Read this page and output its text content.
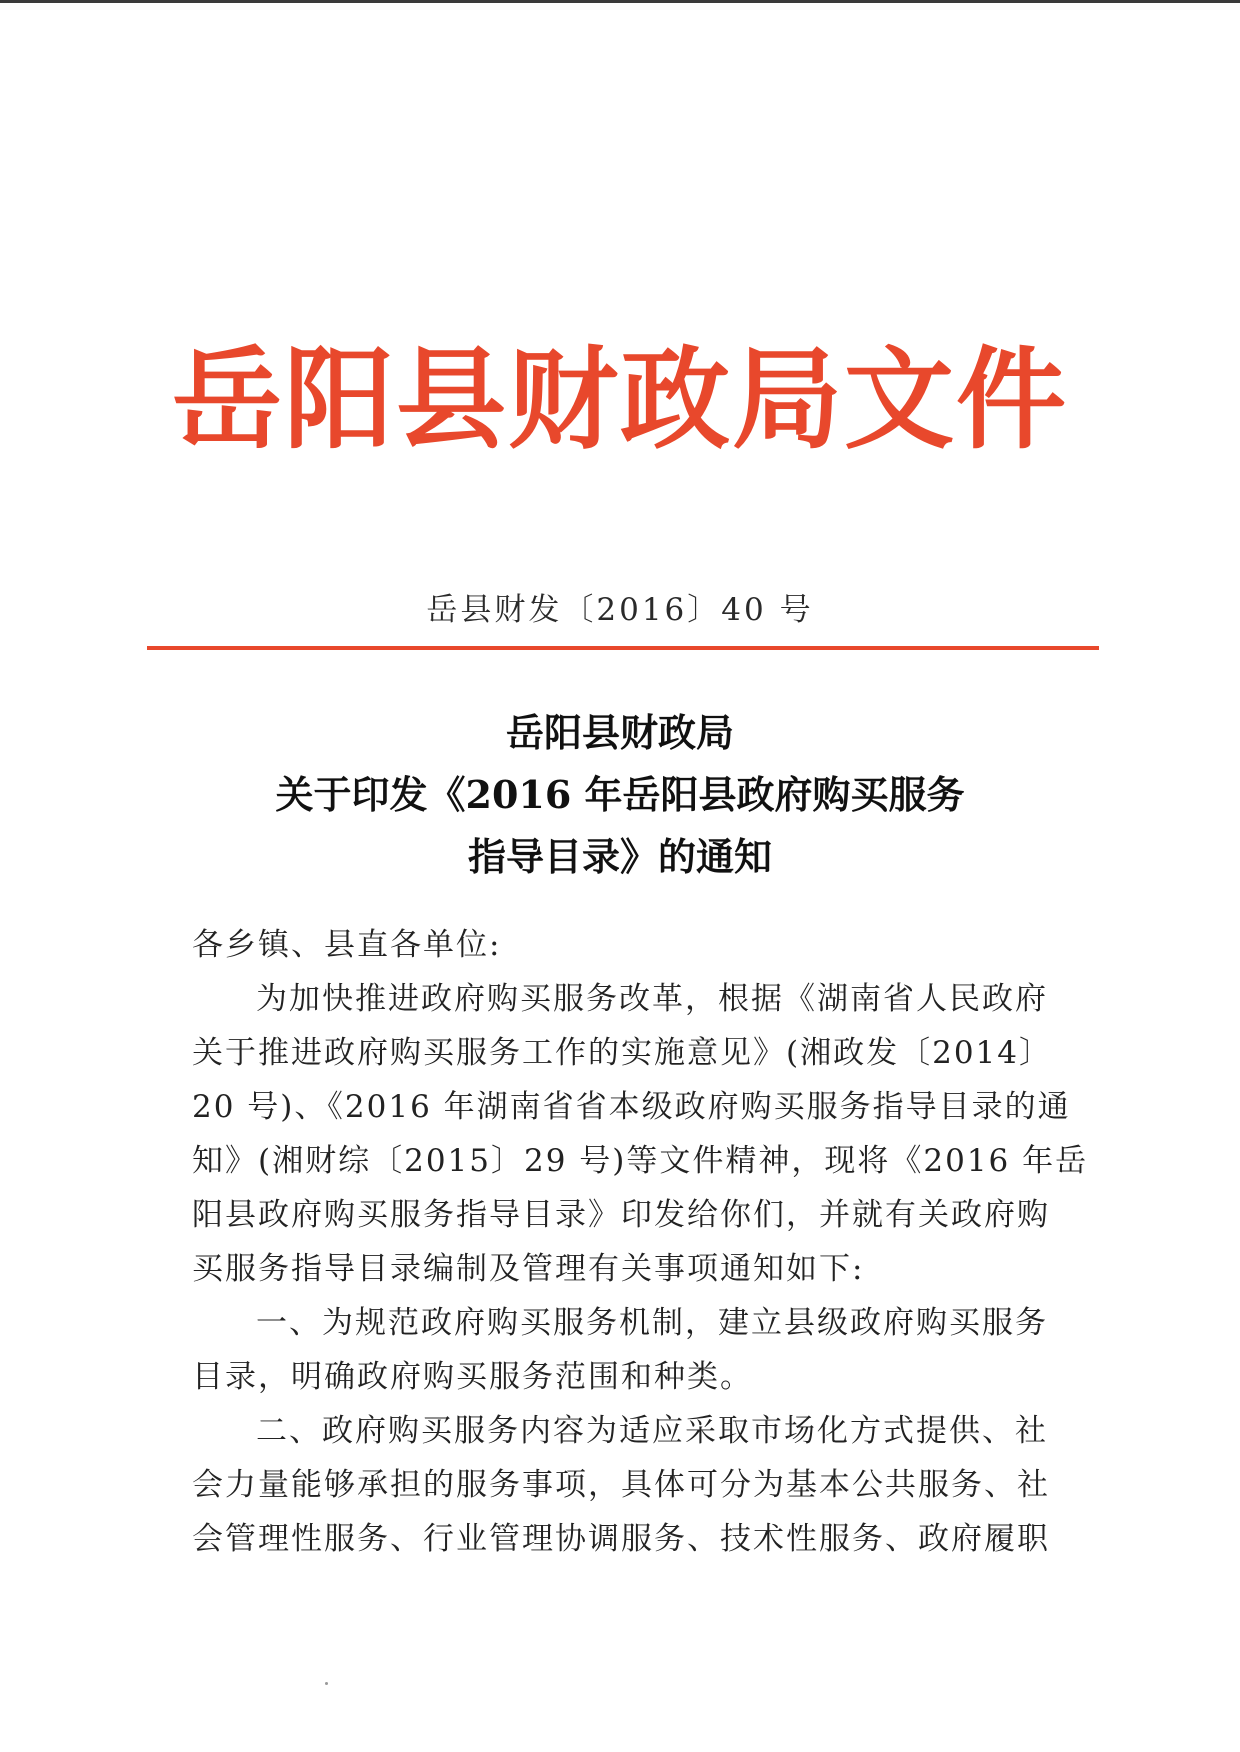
岳阳县财政局文件
岳县财发〔2016〕40 号
岳阳县财政局
关于印发《2016 年岳阳县政府购买服务
指导目录》的通知
各乡镇、县直各单位:
为加快推进政府购买服务改革，根据《湖南省人民政府
关于推进政府购买服务工作的实施意见》(湘政发〔2014〕
20 号)、《2016 年湖南省省本级政府购买服务指导目录的通
知》(湘财综〔2015〕29 号)等文件精神，现将《2016 年岳
阳县政府购买服务指导目录》印发给你们，并就有关政府购
买服务指导目录编制及管理有关事项通知如下:
一、为规范政府购买服务机制，建立县级政府购买服务
目录，明确政府购买服务范围和种类。
二、政府购买服务内容为适应采取市场化方式提供、社
会力量能够承担的服务事项，具体可分为基本公共服务、社
会管理性服务、行业管理协调服务、技术性服务、政府履职
